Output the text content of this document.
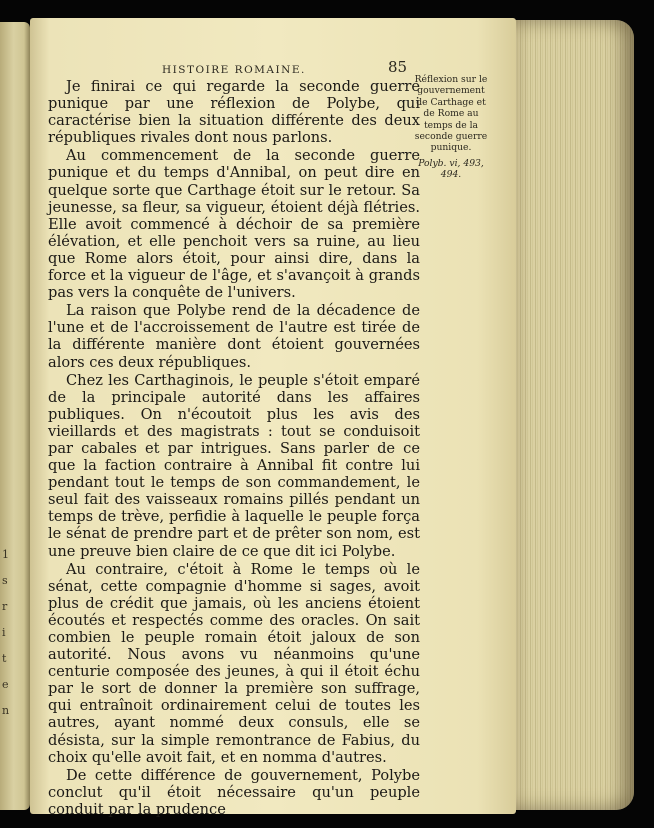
1
s
r
i
t
e
n
HISTOIRE ROMAINE.	85

Je finirai ce qui regarde la seconde guerre punique par une réflexion de Polybe, qui caractérise bien la situation différente des deux républiques rivales dont nous parlons.

Au commencement de la seconde guerre punique et du temps d'Annibal, on peut dire en quelque sorte que Carthage étoit sur le retour. Sa jeunesse, sa fleur, sa vigueur, étoient déjà flétries. Elle avoit commencé à déchoir de sa première élévation, et elle penchoit vers sa ruine, au lieu que Rome alors étoit, pour ainsi dire, dans la force et la vigueur de l'âge, et s'avançoit à grands pas vers la conquête de l'univers.

La raison que Polybe rend de la décadence de l'une et de l'accroissement de l'autre est tirée de la différente manière dont étoient gouvernées alors ces deux républiques.

Chez les Carthaginois, le peuple s'étoit emparé de la principale autorité dans les affaires publiques. On n'écoutoit plus les avis des vieillards et des magistrats : tout se conduisoit par cabales et par intrigues. Sans parler de ce que la faction contraire à Annibal fit contre lui pendant tout le temps de son commandement, le seul fait des vaisseaux romains pillés pendant un temps de trève, perfidie à laquelle le peuple força le sénat de prendre part et de prêter son nom, est une preuve bien claire de ce que dit ici Polybe.

Au contraire, c'étoit à Rome le temps où le sénat, cette compagnie d'homme si sages, avoit plus de crédit que jamais, où les anciens étoient écoutés et respectés comme des oracles. On sait combien le peuple romain étoit jaloux de son autorité. Nous avons vu néanmoins qu'une centurie composée des jeunes, à qui il étoit échu par le sort de donner la première son suffrage, qui entraînoit ordinairement celui de toutes les autres, ayant nommé deux consuls, elle se désista, sur la simple remontrance de Fabius, du choix qu'elle avoit fait, et en nomma d'autres.

De cette différence de gouvernement, Polybe conclut qu'il étoit nécessaire qu'un peuple conduit par la prudence

Réflexion sur le gouvernement de Carthage et de Rome au temps de la seconde guerre punique.
Polyb. vi, 493, 494.
